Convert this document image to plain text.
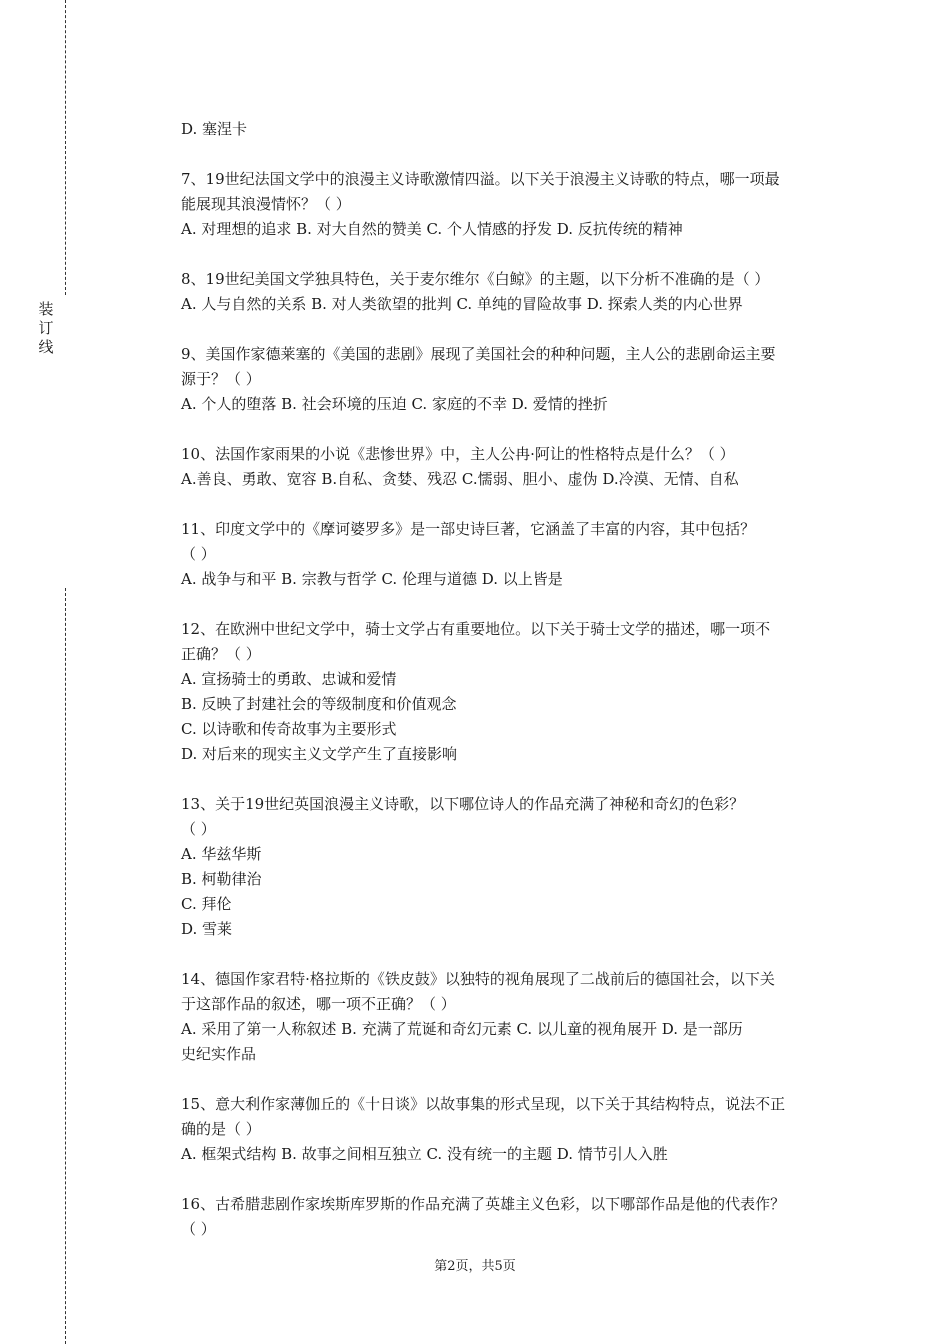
装
订
线
D. 塞涅卡
7、19世纪法国文学中的浪漫主义诗歌激情四溢。以下关于浪漫主义诗歌的特点，哪一项最
能展现其浪漫情怀？（ ）
A. 对理想的追求 B. 对大自然的赞美 C. 个人情感的抒发 D. 反抗传统的精神
8、19世纪美国文学独具特色，关于麦尔维尔《白鲸》的主题，以下分析不准确的是（ ）
A. 人与自然的关系 B. 对人类欲望的批判 C. 单纯的冒险故事 D. 探索人类的内心世界
9、美国作家德莱塞的《美国的悲剧》展现了美国社会的种种问题，主人公的悲剧命运主要
源于？（ ）
A. 个人的堕落 B. 社会环境的压迫 C. 家庭的不幸 D. 爱情的挫折
10、法国作家雨果的小说《悲惨世界》中，主人公冉·阿让的性格特点是什么？（ ）
A.善良、勇敢、宽容 B.自私、贪婪、残忍 C.懦弱、胆小、虚伪 D.冷漠、无情、自私
11、印度文学中的《摩诃婆罗多》是一部史诗巨著，它涵盖了丰富的内容，其中包括？
（ ）
A. 战争与和平 B. 宗教与哲学 C. 伦理与道德 D. 以上皆是
12、在欧洲中世纪文学中，骑士文学占有重要地位。以下关于骑士文学的描述，哪一项不
正确？（ ）
A. 宣扬骑士的勇敢、忠诚和爱情
B. 反映了封建社会的等级制度和价值观念
C. 以诗歌和传奇故事为主要形式
D. 对后来的现实主义文学产生了直接影响
13、关于19世纪英国浪漫主义诗歌，以下哪位诗人的作品充满了神秘和奇幻的色彩？
（ ）
A. 华兹华斯
B. 柯勒律治
C. 拜伦
D. 雪莱
14、德国作家君特·格拉斯的《铁皮鼓》以独特的视角展现了二战前后的德国社会，以下关
于这部作品的叙述，哪一项不正确？（ ）
A. 采用了第一人称叙述 B. 充满了荒诞和奇幻元素 C. 以儿童的视角展开 D. 是一部历
史纪实作品
15、意大利作家薄伽丘的《十日谈》以故事集的形式呈现，以下关于其结构特点，说法不正
确的是（ ）
A. 框架式结构 B. 故事之间相互独立 C. 没有统一的主题 D. 情节引人入胜
16、古希腊悲剧作家埃斯库罗斯的作品充满了英雄主义色彩，以下哪部作品是他的代表作？
（ ）
第2页，共5页
